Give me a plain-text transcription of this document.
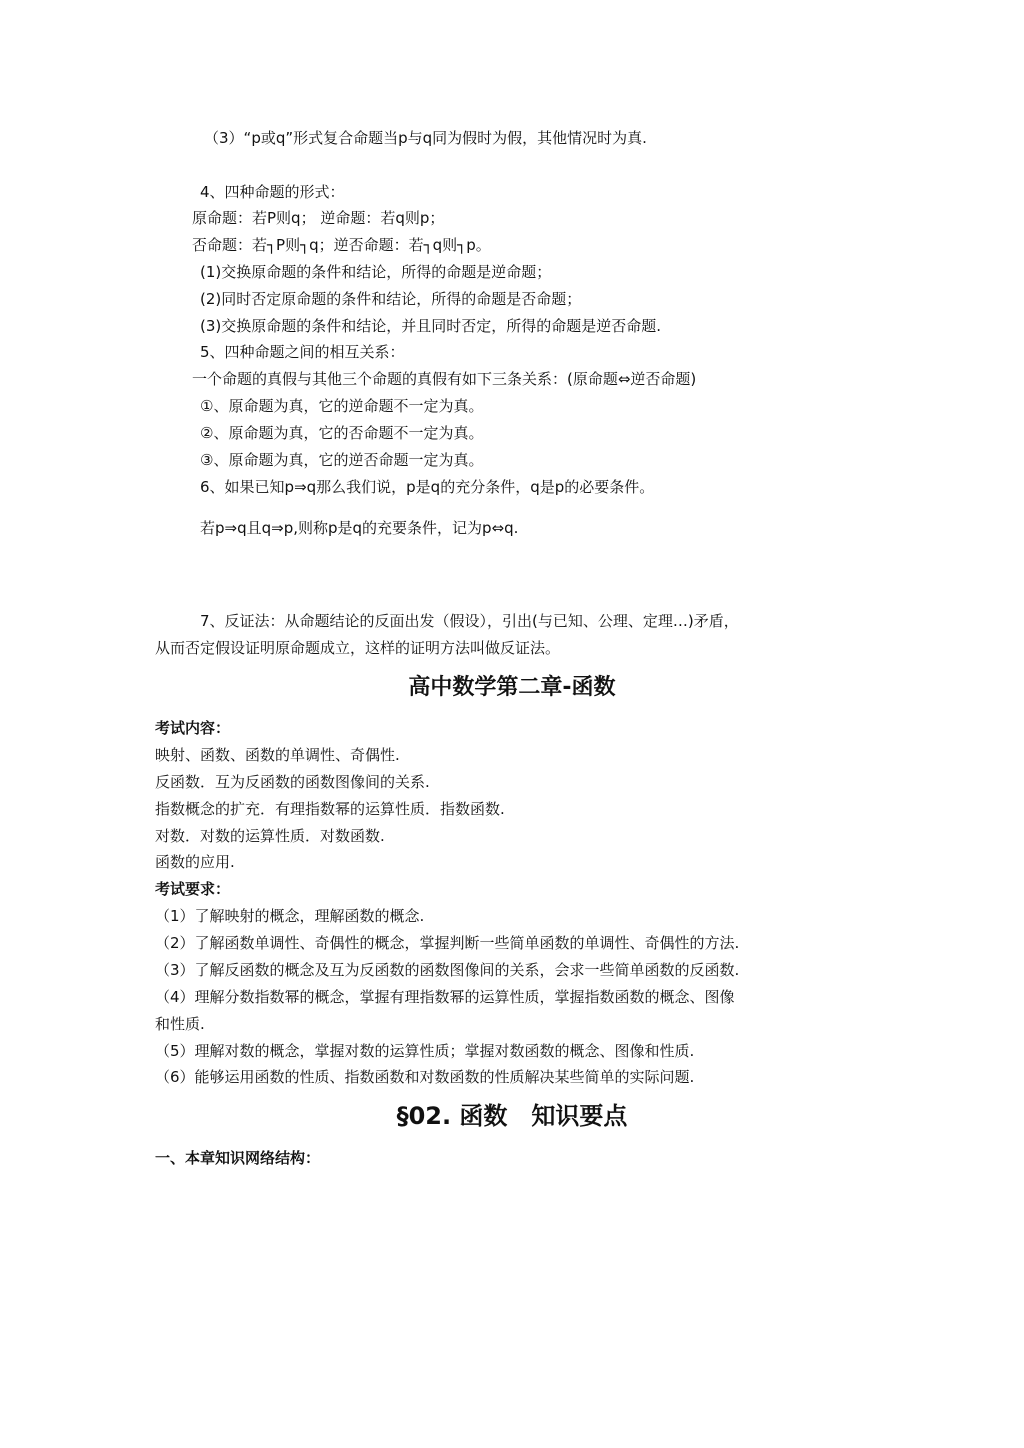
（3）“p或q”形式复合命题当p与q同为假时为假，其他情况时为真.
4、四种命题的形式：
原命题：若P则q； 逆命题：若q则p；
否命题：若┐P则┐q；逆否命题：若┐q则┐p。
(1)交换原命题的条件和结论，所得的命题是逆命题；
(2)同时否定原命题的条件和结论，所得的命题是否命题；
(3)交换原命题的条件和结论，并且同时否定，所得的命题是逆否命题.
5、四种命题之间的相互关系：
一个命题的真假与其他三个命题的真假有如下三条关系：(原命题⇔逆否命题)
①、原命题为真，它的逆命题不一定为真。
②、原命题为真，它的否命题不一定为真。
③、原命题为真，它的逆否命题一定为真。
6、如果已知p⇒q那么我们说，p是q的充分条件，q是p的必要条件。
若p⇒q且q⇒p,则称p是q的充要条件，记为p⇔q.
7、反证法：从命题结论的反面出发（假设），引出(与已知、公理、定理…)矛盾，
从而否定假设证明原命题成立，这样的证明方法叫做反证法。
高中数学第二章-函数
考试内容：
映射、函数、函数的单调性、奇偶性.
反函数．互为反函数的函数图像间的关系.
指数概念的扩充．有理指数幂的运算性质．指数函数.
对数．对数的运算性质．对数函数.
函数的应用.
考试要求：
（1）了解映射的概念，理解函数的概念.
（2）了解函数单调性、奇偶性的概念，掌握判断一些简单函数的单调性、奇偶性的方法.
（3）了解反函数的概念及互为反函数的函数图像间的关系，会求一些简单函数的反函数.
（4）理解分数指数幂的概念，掌握有理指数幂的运算性质，掌握指数函数的概念、图像
和性质.
（5）理解对数的概念，掌握对数的运算性质；掌握对数函数的概念、图像和性质.
（6）能够运用函数的性质、指数函数和对数函数的性质解决某些简单的实际问题.
§02. 函数　知识要点
一、本章知识网络结构：
